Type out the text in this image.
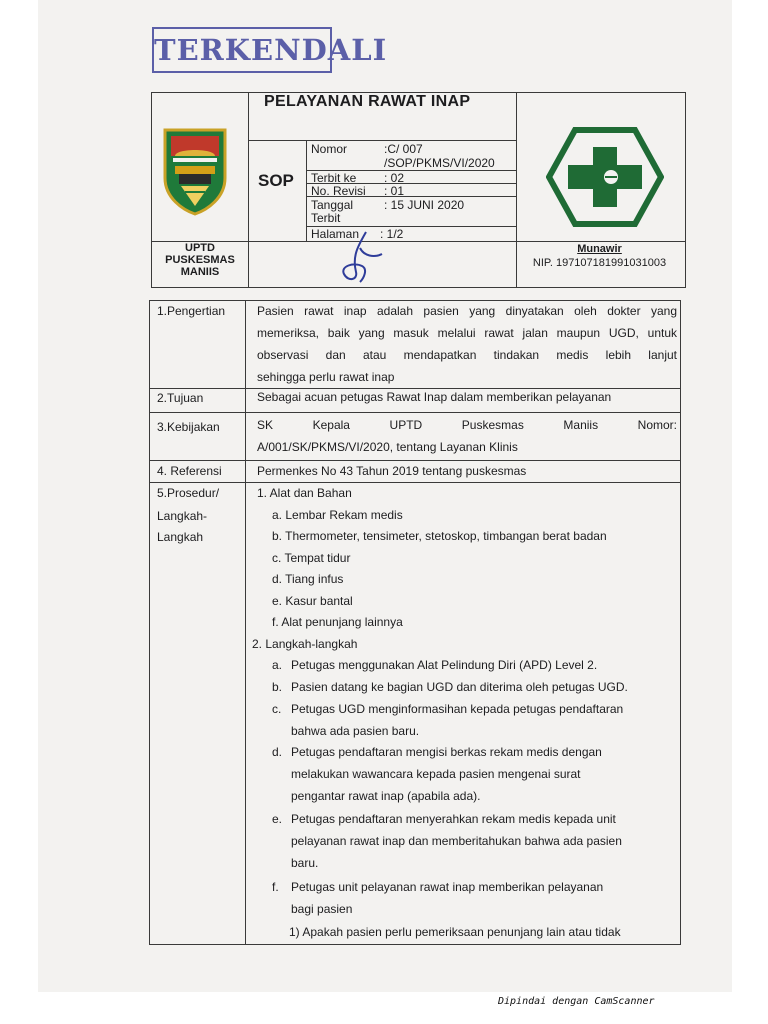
TERKENDALI
PELAYANAN RAWAT INAP
SOP
Nomor	:C/ 007
/SOP/PKMS/VI/2020
Terbit ke : 02
No. Revisi : 01
Tanggal
Terbit
: 15 JUNI 2020
Halaman : 1/2
UPTD
PUSKESMAS
MANIIS
Munawir
NIP. 197107181991031003
1.Pengertian
2.Tujuan
3.Kebijakan
4. Referensi
5.Prosedur/
Langkah-
Langkah
Pasien rawat inap adalah pasien yang dinyatakan oleh dokter yang
memeriksa, baik yang masuk melalui rawat jalan maupun UGD, untuk
observasi dan atau mendapatkan tindakan medis lebih lanjut
sehingga perlu rawat inap
Sebagai acuan petugas Rawat Inap dalam memberikan pelayanan
SK Kepala UPTD Puskesmas Maniis Nomor:
A/001/SK/PKMS/VI/2020, tentang Layanan Klinis
Permenkes No 43 Tahun 2019 tentang puskesmas
1. Alat dan Bahan
a. Lembar Rekam medis
b. Thermometer, tensimeter, stetoskop, timbangan berat badan
c. Tempat tidur
d. Tiang infus
e. Kasur bantal
f. Alat penunjang lainnya
2. Langkah-langkah
a. Petugas menggunakan Alat Pelindung Diri (APD) Level 2.
b. Pasien datang ke bagian UGD dan diterima oleh petugas UGD.
c. Petugas UGD menginformasihan kepada petugas pendaftaran
bahwa ada pasien baru.
d. Petugas pendaftaran mengisi berkas rekam medis dengan
melakukan wawancara kepada pasien mengenai surat
pengantar rawat inap (apabila ada).
e. Petugas pendaftaran menyerahkan rekam medis kepada unit
pelayanan rawat inap dan memberitahukan bahwa ada pasien
baru.
f. Petugas unit pelayanan rawat inap memberikan pelayanan
bagi pasien
1) Apakah pasien perlu pemeriksaan penunjang lain atau tidak
Dipindai dengan CamScanner
